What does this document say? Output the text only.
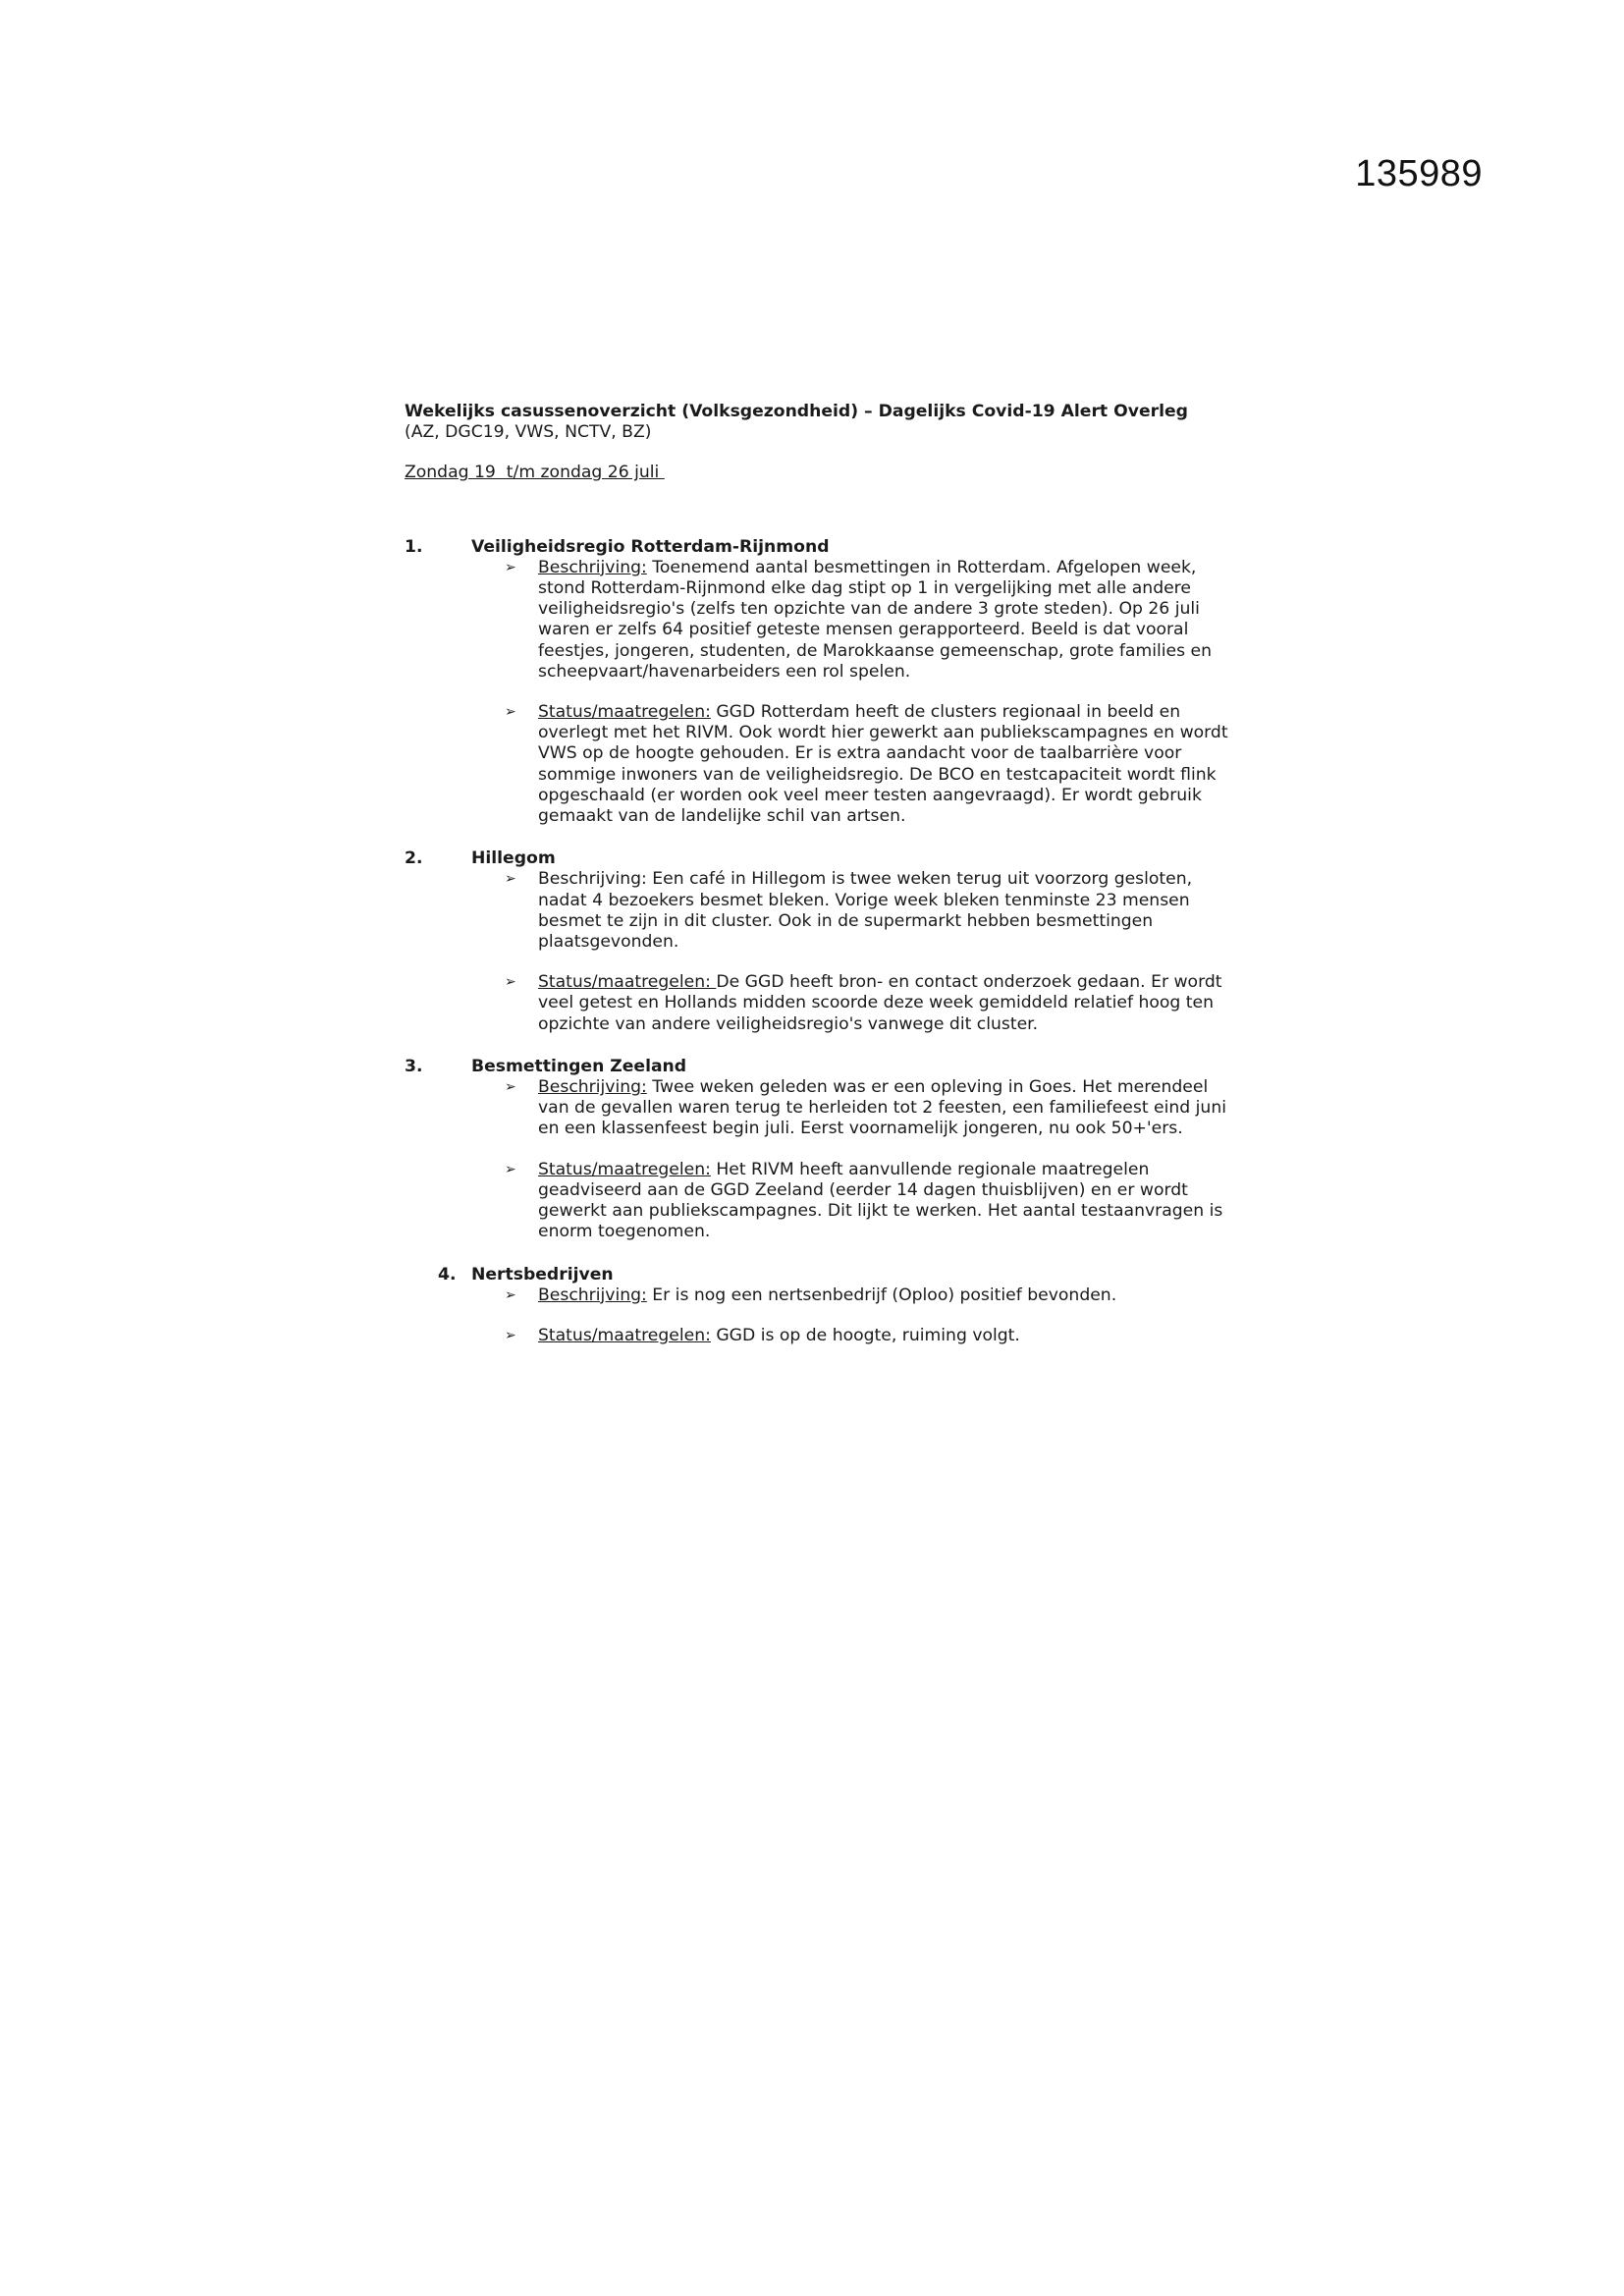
135989

Wekelijks casussenoverzicht (Volksgezondheid) – Dagelijks Covid-19 Alert Overleg

(AZ, DGC19, VWS, NCTV, BZ)

Zondag 19  t/m zondag 26 juli

1.	Veiligheidsregio Rotterdam-Rijnmond
➢ Beschrijving: Toenemend aantal besmettingen in Rotterdam. Afgelopen week, stond Rotterdam-Rijnmond elke dag stipt op 1 in vergelijking met alle andere veiligheidsregio's (zelfs ten opzichte van de andere 3 grote steden). Op 26 juli waren er zelfs 64 positief geteste mensen gerapporteerd. Beeld is dat vooral feestjes, jongeren, studenten, de Marokkaanse gemeenschap, grote families en scheepvaart/havenarbeiders een rol spelen.
➢ Status/maatregelen: GGD Rotterdam heeft de clusters regionaal in beeld en overlegt met het RIVM. Ook wordt hier gewerkt aan publiekscampagnes en wordt VWS op de hoogte gehouden. Er is extra aandacht voor de taalbarrière voor sommige inwoners van de veiligheidsregio. De BCO en testcapaciteit wordt flink opgeschaald (er worden ook veel meer testen aangevraagd). Er wordt gebruik gemaakt van de landelijke schil van artsen.
2.	Hillegom
➢ Beschrijving: Een café in Hillegom is twee weken terug uit voorzorg gesloten, nadat 4 bezoekers besmet bleken. Vorige week bleken tenminste 23 mensen besmet te zijn in dit cluster. Ook in de supermarkt hebben besmettingen plaatsgevonden.
➢ Status/maatregelen: De GGD heeft bron- en contact onderzoek gedaan. Er wordt veel getest en Hollands midden scoorde deze week gemiddeld relatief hoog ten opzichte van andere veiligheidsregio's vanwege dit cluster.
3.	Besmettingen Zeeland
➢ Beschrijving: Twee weken geleden was er een opleving in Goes. Het merendeel van de gevallen waren terug te herleiden tot 2 feesten, een familiefeest eind juni en een klassenfeest begin juli. Eerst voornamelijk jongeren, nu ook 50+'ers.
➢ Status/maatregelen: Het RIVM heeft aanvullende regionale maatregelen geadviseerd aan de GGD Zeeland (eerder 14 dagen thuisblijven) en er wordt gewerkt aan publiekscampagnes. Dit lijkt te werken. Het aantal testaanvragen is enorm toegenomen.
4. Nertsbedrijven
➢ Beschrijving: Er is nog een nertsenbedrijf (Oploo) positief bevonden.
➢ Status/maatregelen: GGD is op de hoogte, ruiming volgt.
